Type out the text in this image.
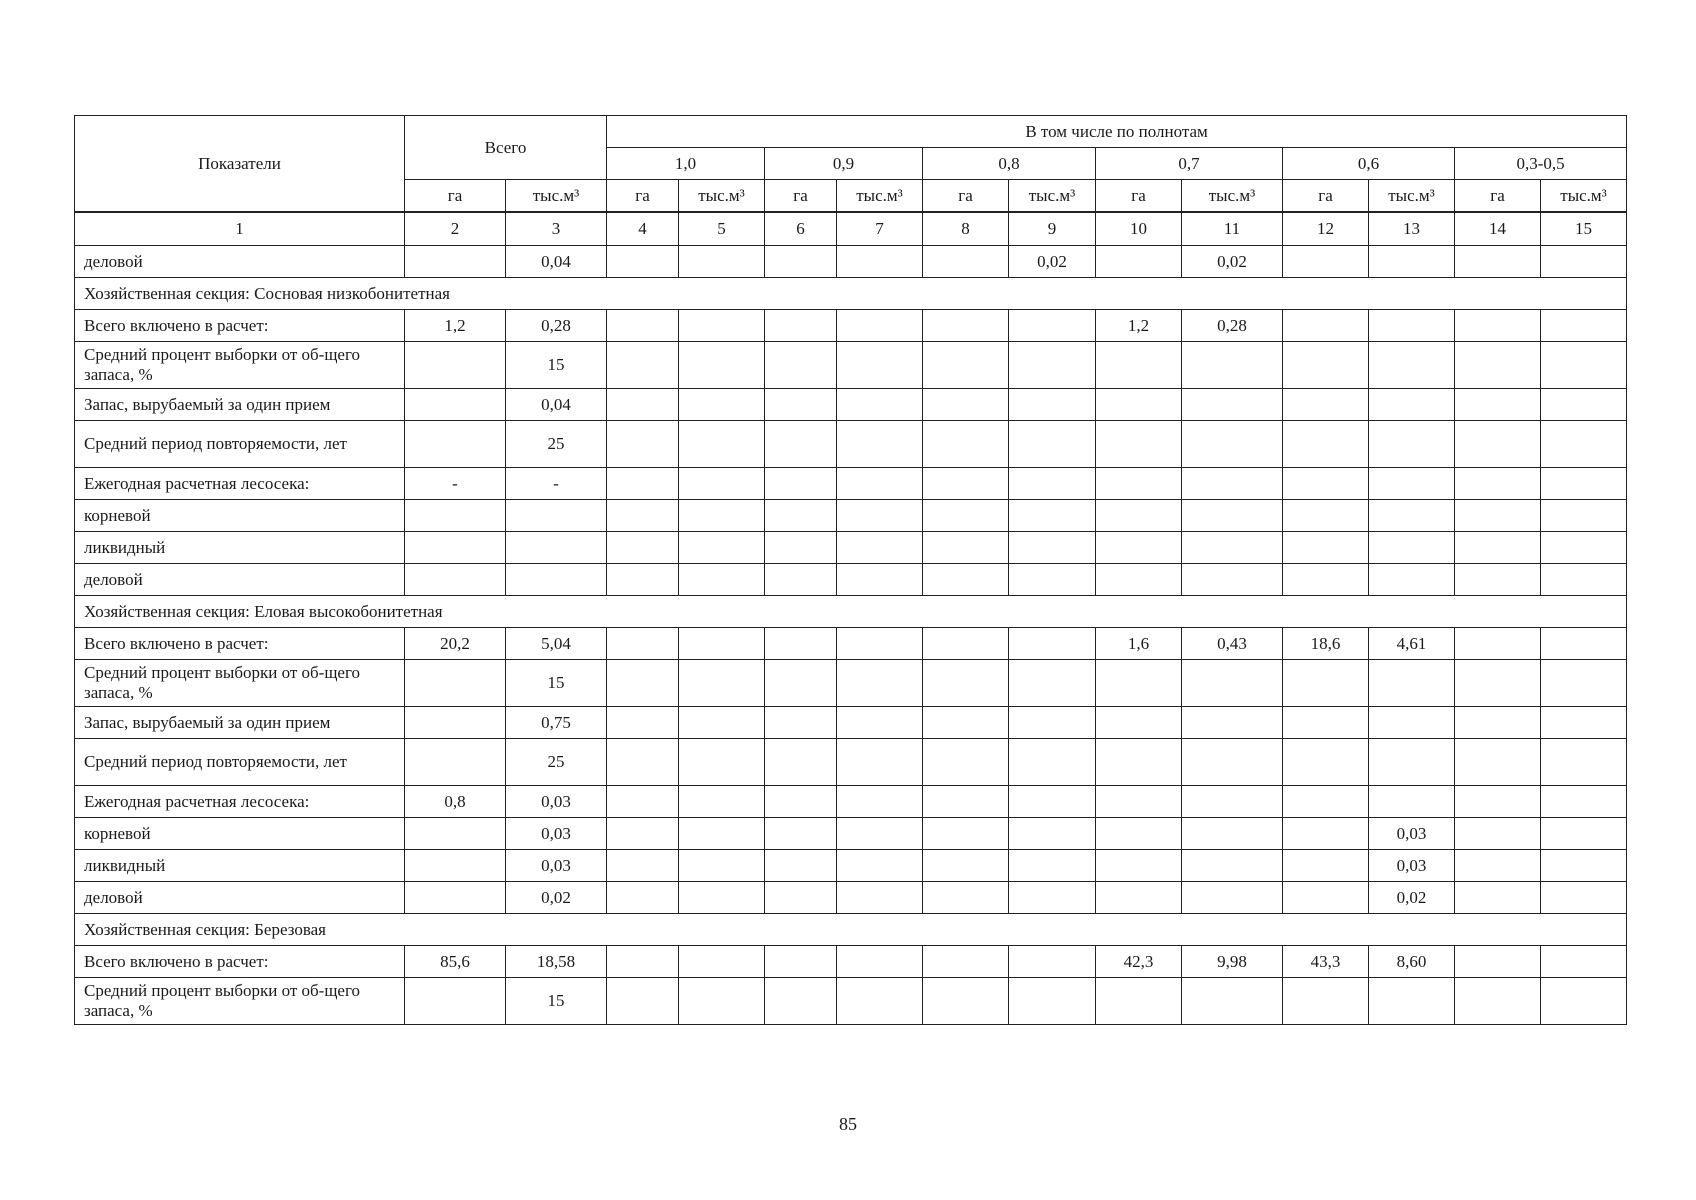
Показатели	Всего		В том числе по полнотам											
			1,0		0,9		0,8		0,7		0,6		0,3-0,5	
	га	тыс.м³	га	тыс.м³	га	тыс.м³	га	тыс.м³	га	тыс.м³	га	тыс.м³	га	тыс.м³
1	2	3	4	5	6	7	8	9	10	11	12	13	14	15
деловой		0,04						0,02		0,02				
Хозяйственная секция: Сосновая низкобонитетная														
Всего включено в расчет:	1,2	0,28							1,2	0,28				
Средний процент выборки от об-щего запаса, %		15												
Запас, вырубаемый за один прием		0,04												
Средний период повторяемости, лет		25												
Ежегодная расчетная лесосека:	-	-												
корневой														
ликвидный														
деловой														
Хозяйственная секция: Еловая высокобонитетная														
Всего включено в расчет:	20,2	5,04							1,6	0,43	18,6	4,61		
Средний процент выборки от об-щего запаса, %		15												
Запас, вырубаемый за один прием		0,75												
Средний период повторяемости, лет		25												
Ежегодная расчетная лесосека:	0,8	0,03												
корневой		0,03										0,03		
ликвидный		0,03										0,03		
деловой		0,02										0,02		
Хозяйственная секция: Березовая														
Всего включено в расчет:	85,6	18,58							42,3	9,98	43,3	8,60		
Средний процент выборки от об-щего запаса, %		15												
85
